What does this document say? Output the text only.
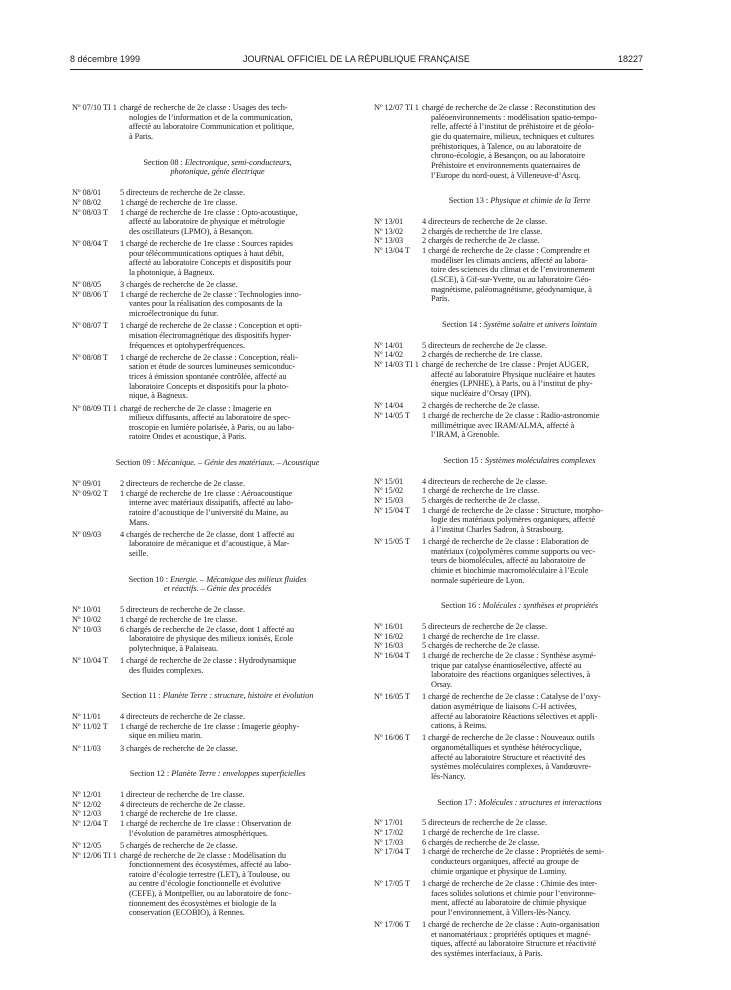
8 décembre 1999	JOURNAL OFFICIEL DE LA RÉPUBLIQUE FRANÇAISE	18227
Nº 07/10 TI 1 chargé de recherche de 2e classe : Usages des tech-
nologies de l’information et de la communication,
affecté au laboratoire Communication et politique,
à Paris.
Section 08 : Electronique, semi-conducteurs,
photonique, génie électrique
Nº 08/01	5 directeurs de recherche de 2e classe.
Nº 08/02	1 chargé de recherche de 1re classe.
Nº 08/03 T	1 chargé de recherche de 1re classe : Opto-acoustique,
affecté au laboratoire de physique et métrologie
des oscillateurs (LPMO), à Besançon.
Nº 08/04 T	1 chargé de recherche de 1re classe : Sources rapides
pour télécommunications optiques à haut débit,
affecté au laboratoire Concepts et dispositifs pour
la photonique, à Bagneux.
Nº 08/05	3 chargés de recherche de 2e classe.
Nº 08/06 T	1 chargé de recherche de 2e classe : Technologies inno-
vantes pour la réalisation des composants de la
microélectronique du futur.
Nº 08/07 T	1 chargé de recherche de 2e classe : Conception et opti-
misation électromagnétique des dispositifs hyper-
fréquences et optohyperfréquences.
Nº 08/08 T	1 chargé de recherche de 2e classe : Conception, réali-
sation et étude de sources lumineuses semiconduc-
trices à émission spontanée contrôlée, affecté au
laboratoire Concepts et dispositifs pour la photo-
nique, à Bagneux.
Nº 08/09 TI 1 chargé de recherche de 2e classe : Imagerie en
milieux diffusants, affecté au laboratoire de spec-
troscopie en lumière polarisée, à Paris, ou au labo-
ratoire Ondes et acoustique, à Paris.
Section 09 : Mécanique. – Génie des matériaux. – Acoustique
Nº 09/01	2 directeurs de recherche de 2e classe.
Nº 09/02 T	1 chargé de recherche de 1re classe : Aéroacoustique
interne avec matériaux dissipatifs, affecté au labo-
ratoire d’acoustique de l’université du Maine, au
Mans.
Nº 09/03	4 chargés de recherche de 2e classe, dont 1 affecté au
laboratoire de mécanique et d’acoustique, à Mar-
seille.
Section 10 : Energie. – Mécanique des milieux fluides
et réactifs. – Génie des procédés
Nº 10/01	5 directeurs de recherche de 2e classe.
Nº 10/02	1 chargé de recherche de 1re classe.
Nº 10/03	6 chargés de recherche de 2e classe, dont 1 affecté au
laboratoire de physique des milieux ionisés, Ecole
polytechnique, à Palaiseau.
Nº 10/04 T	1 chargé de recherche de 2e classe : Hydrodynamique
des fluides complexes.
Section 11 : Planète Terre : structure, histoire et évolution
Nº 11/01	4 directeurs de recherche de 2e classe.
Nº 11/02 T	1 chargé de recherche de 1re classe : Imagerie géophy-
sique en milieu marin.
Nº 11/03	3 chargés de recherche de 2e classe.
Section 12 : Planète Terre : enveloppes superficielles
Nº 12/01	1 directeur de recherche de 1re classe.
Nº 12/02	4 directeurs de recherche de 2e classe.
Nº 12/03	1 chargé de recherche de 1re classe.
Nº 12/04 T	1 chargé de recherche de 1re classe : Observation de
l’évolution de paramètres atmosphériques.
Nº 12/05	5 chargés de recherche de 2e classe.
Nº 12/06 TI 1 chargé de recherche de 2e classe : Modélisation du
fonctionnement des écosystèmes, affecté au labo-
ratoire d’écologie terrestre (LET), à Toulouse, ou
au centre d’écologie fonctionnelle et évolutive
(CEFE), à Montpellier, ou au laboratoire de fonc-
tionnement des écosystèmes et biologie de la
conservation (ECOBIO), à Rennes.
Nº 12/07 TI 1 chargé de recherche de 2e classe : Reconstitution des
paléoenvironnements : modélisation spatio-tempo-
relle, affecté à l’institut de préhistoire et de géolo-
gie du quaternaire, milieux, techniques et cultures
préhistoriques, à Talence, ou au laboratoire de
chrono-écologie, à Besançon, ou au laboratoire
Préhistoire et environnements quaternaires de
l’Europe du nord-ouest, à Villeneuve-d’Ascq.
Section 13 : Physique et chimie de la Terre
Nº 13/01	4 directeurs de recherche de 2e classe.
Nº 13/02	2 chargés de recherche de 1re classe.
Nº 13/03	2 chargés de recherche de 2e classe.
Nº 13/04 T	1 chargé de recherche de 2e classe : Comprendre et
modéliser les climats anciens, affecté au labora-
toire des sciences du climat et de l’environnement
(LSCE), à Gif-sur-Yvette, ou au laboratoire Géo-
magnétisme, paléomagnétisme, géodynamique, à
Paris.
Section 14 : Système solaire et univers lointain
Nº 14/01	5 directeurs de recherche de 2e classe.
Nº 14/02	2 chargés de recherche de 1re classe.
Nº 14/03 TI 1 chargé de recherche de 1re classe : Projet AUGER,
affecté au laboratoire Physique nucléaire et hautes
énergies (LPNHE), à Paris, ou à l’institut de phy-
sique nucléaire d’Orsay (IPN).
Nº 14/04	2 chargés de recherche de 2e classe.
Nº 14/05 T	1 chargé de recherche de 2e classe : Radio-astronomie
millimétrique avec IRAM/ALMA, affecté à
l’IRAM, à Grenoble.
Section 15 : Systèmes moléculaires complexes
Nº 15/01	4 directeurs de recherche de 2e classe.
Nº 15/02	1 chargé de recherche de 1re classe.
Nº 15/03	5 chargés de recherche de 2e classe.
Nº 15/04 T	1 chargé de recherche de 2e classe : Structure, morpho-
logie des matériaux polymères organiques, affecté
à l’institut Charles Sadron, à Strasbourg.
Nº 15/05 T	1 chargé de recherche de 2e classe : Elaboration de
matériaux (co)polymères comme supports ou vec-
teurs de biomolécules, affecté au laboratoire de
chimie et biochimie macromoléculaire à l’Ecole
normale supérieure de Lyon.
Section 16 : Molécules : synthèses et propriétés
Nº 16/01	5 directeurs de recherche de 2e classe.
Nº 16/02	1 chargé de recherche de 1re classe.
Nº 16/03	5 chargés de recherche de 2e classe.
Nº 16/04 T	1 chargé de recherche de 2e classe : Synthèse asymé-
trique par catalyse énantiosélective, affecté au
laboratoire des réactions organiques sélectives, à
Orsay.
Nº 16/05 T	1 chargé de recherche de 2e classe : Catalyse de l’oxy-
dation asymétrique de liaisons C-H activées,
affecté au laboratoire Réactions sélectives et appli-
cations, à Reims.
Nº 16/06 T	1 chargé de recherche de 2e classe : Nouveaux outils
organométalliques et synthèse hétérocyclique,
affecté au laboratoire Structure et réactivité des
systèmes moléculaires complexes, à Vandœuvre-
lès-Nancy.
Section 17 : Molécules : structures et interactions
Nº 17/01	5 directeurs de recherche de 2e classe.
Nº 17/02	1 chargé de recherche de 1re classe.
Nº 17/03	6 chargés de recherche de 2e classe.
Nº 17/04 T	1 chargé de recherche de 2e classe : Propriétés de semi-
conducteurs organiques, affecté au groupe de
chimie organique et physique de Luminy.
Nº 17/05 T	1 chargé de recherche de 2e classe : Chimie des inter-
faces solides solutions et chimie pour l’environne-
ment, affecté au laboratoire de chimie physique
pour l’environnement, à Villers-lès-Nancy.
Nº 17/06 T	1 chargé de recherche de 2e classe : Auto-organisation
et nanomatériaux : propriétés optiques et magné-
tiques, affecté au laboratoire Structure et réactivité
des systèmes interfaciaux, à Paris.
